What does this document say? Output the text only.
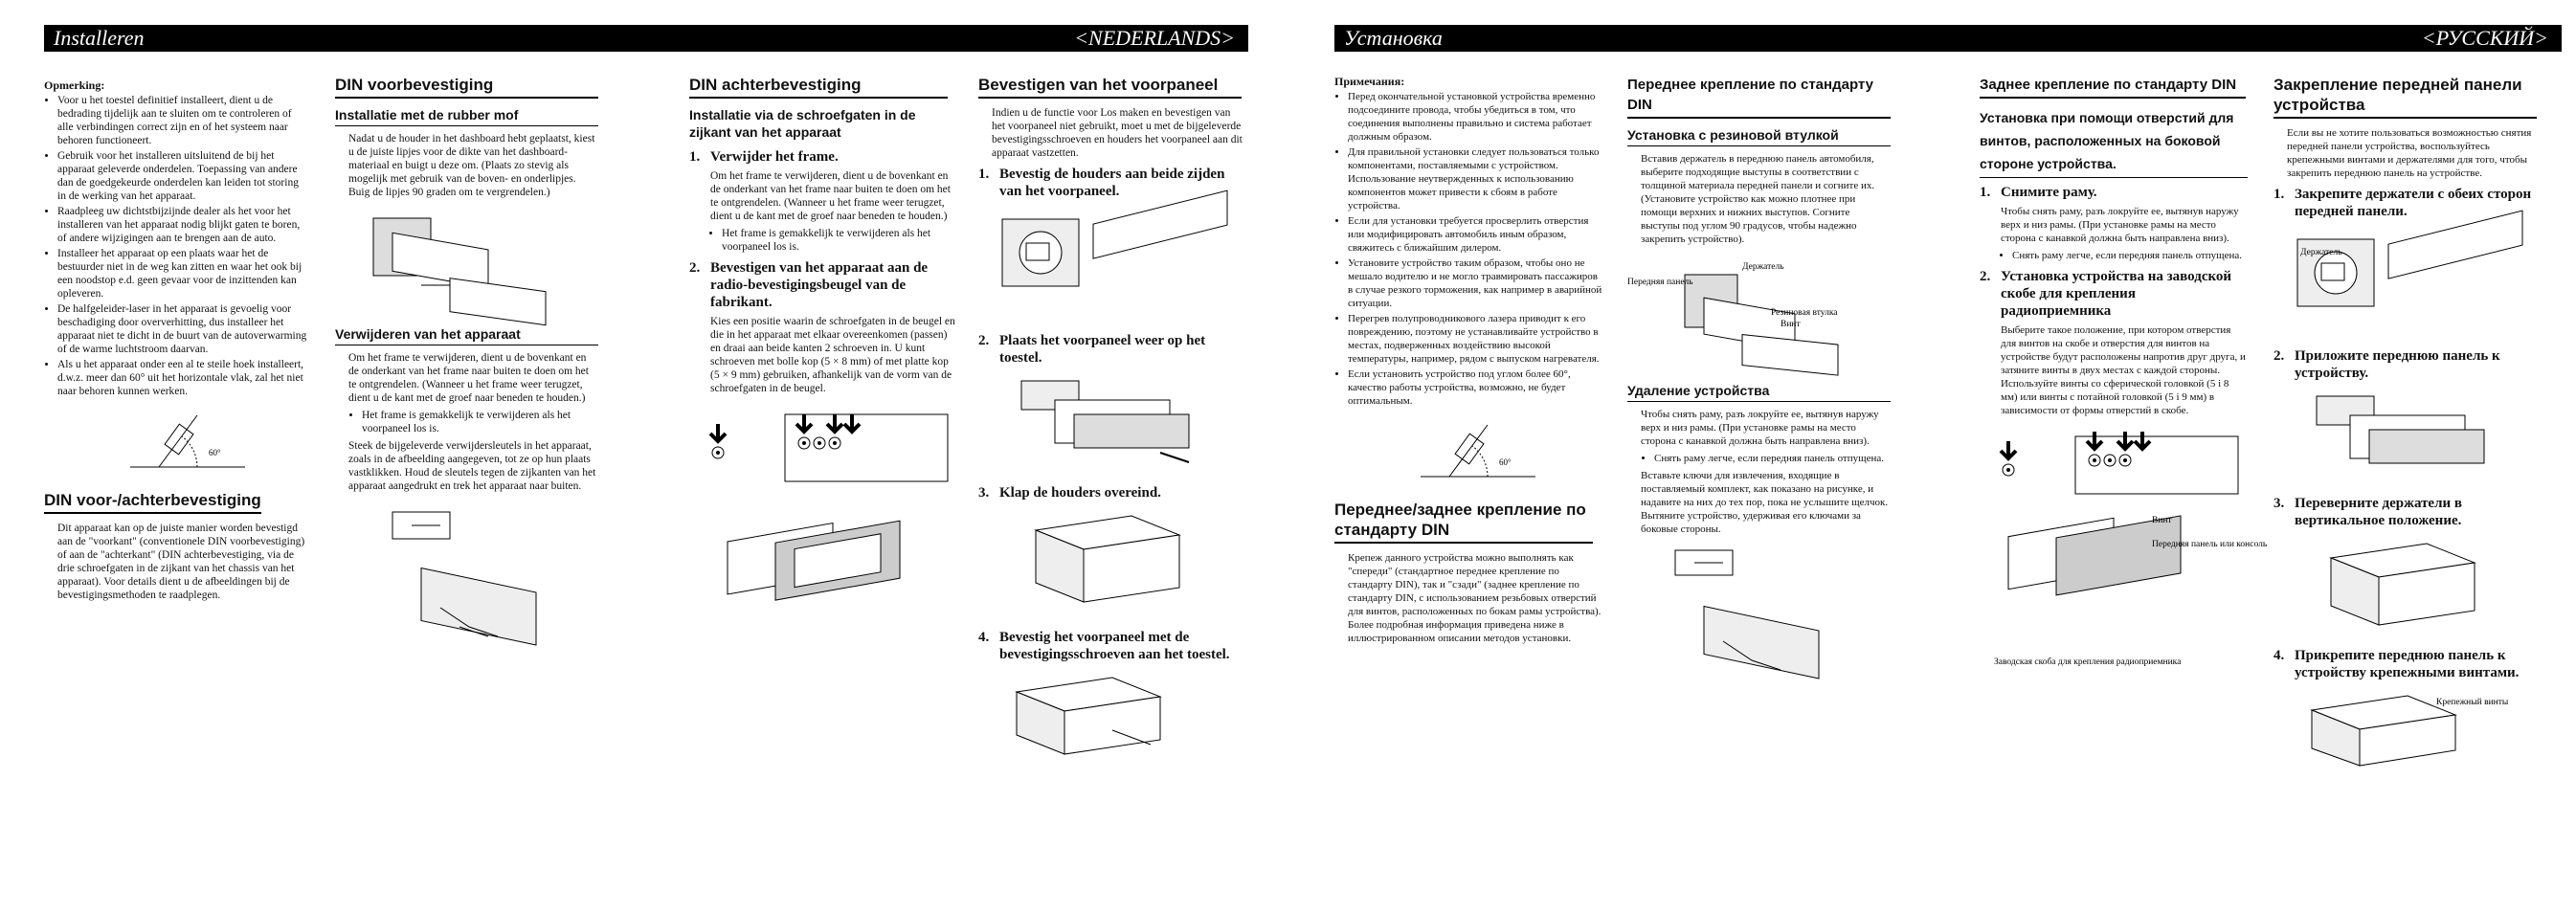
Installeren	<NEDERLANDS>
Opmerking:
• Voor u het toestel definitief installeert, dient u de bedrading tijdelijk aan te sluiten om te controleren of alle verbindingen correct zijn en of het systeem naar behoren functioneert.
• Gebruik voor het installeren uitsluitend de bij het apparaat geleverde onderdelen. Toepassing van andere dan de goedgekeurde onderdelen kan leiden tot storing in de werking van het apparaat.
• Raadpleeg uw dichtstbijzijnde dealer als het voor het installeren van het apparaat nodig blijkt gaten te boren, of andere wijzigingen aan te brengen aan de auto.
• Installeer het apparaat op een plaats waar het de bestuurder niet in de weg kan zitten en waar het ook bij een noodstop e.d. geen gevaar voor de inzittenden kan opleveren.
• De halfgeleider-laser in het apparaat is gevoelig voor beschadiging door oververhitting, dus installeer het apparaat niet te dicht in de buurt van de autoverwarming of de warme luchtstroom daarvan.
• Als u het apparaat onder een al te steile hoek installeert, d.w.z. meer dan 60° uit het horizontale vlak, zal het niet naar behoren kunnen werken.
60°
DIN voor-/achterbevestiging

Dit apparaat kan op de juiste manier worden bevestigd aan de "voorkant" (conventionele DIN voorbevestiging) of aan de "achterkant" (DIN achterbevestiging, via de drie schroefgaten in de zijkant van het chassis van het apparaat). Voor details dient u de afbeeldingen bij de bevestigingsmethoden te raadplegen.

DIN voorbevestiging
Installatie met de rubber mof

Nadat u de houder in het dashboard hebt geplaatst, kiest u de juiste lipjes voor de dikte van het dashboard-materiaal en buigt u deze om. (Plaats zo stevig als mogelijk met gebruik van de boven- en onderlipjes. Buig de lipjes 90 graden om te vergrendelen.)

Verwijderen van het apparaat

Om het frame te verwijderen, dient u de bovenkant en de onderkant van het frame naar buiten te doen om het te ontgrendelen. (Wanneer u het frame weer terugzet, dient u de kant met de groef naar beneden te houden.)

• Het frame is gemakkelijk te verwijderen als het voorpaneel los is.

Steek de bijgeleverde verwijdersleutels in het apparaat, zoals in de afbeelding aangegeven, tot ze op hun plaats vastklikken. Houd de sleutels tegen de zijkanten van het apparaat aangedrukt en trek het apparaat naar buiten.

DIN achterbevestiging
Installatie via de schroefgaten in de zijkant van het apparaat
1. Verwijder het frame.

Om het frame te verwijderen, dient u de bovenkant en de onderkant van het frame naar buiten te doen om het te ontgrendelen. (Wanneer u het frame weer terugzet, dient u de kant met de groef naar beneden te houden.)

• Het frame is gemakkelijk te verwijderen als het voorpaneel los is.
2. Bevestigen van het apparaat aan de radio-bevestigingsbeugel van de fabrikant.

Kies een positie waarin de schroefgaten in de beugel en die in het apparaat met elkaar overeenkomen (passen) en draai aan beide kanten 2 schroeven in. U kunt schroeven met bolle kop (5 × 8 mm) of met platte kop (5 × 9 mm) gebruiken, afhankelijk van de vorm van de schroefgaten in de beugel.

Bevestigen van het voorpaneel

Indien u de functie voor Los maken en bevestigen van het voorpaneel niet gebruikt, moet u met de bijgeleverde bevestigingsschroeven en houders het voorpaneel aan dit apparaat vastzetten.

1. Bevestig de houders aan beide zijden van het voorpaneel.
2. Plaats het voorpaneel weer op het toestel.
3. Klap de houders overeind.
4. Bevestig het voorpaneel met de bevestigingsschroeven aan het toestel.
Установка	<РУССКИЙ>
Примечания:
• Перед окончательной установкой устройства временно подсоедините провода, чтобы убедиться в том, что соединения выполнены правильно и система работает должным образом.
• Для правильной установки следует пользоваться только компонентами, поставляемыми с устройством. Использование неутвержденных к использованию компонентов может привести к сбоям в работе устройства.
• Если для установки требуется просверлить отверстия или модифицировать автомобиль иным образом, свяжитесь с ближайшим дилером.
• Установите устройство таким образом, чтобы оно не мешало водителю и не могло травмировать пассажиров в случае резкого торможения, как например в аварийной ситуации.
• Перегрев полупроводникового лазера приводит к его повреждению, поэтому не устанавливайте устройство в местах, подверженных воздействию высокой температуры, например, рядом с выпуском нагревателя.
• Если установить устройство под углом более 60°, качество работы устройства, возможно, не будет оптимальным.
60°
Переднее/заднее крепление по стандарту DIN

Крепеж данного устройства можно выполнять как "спереди" (стандартное переднее крепление по стандарту DIN), так и "сзади" (заднее крепление по стандарту DIN, с использованием резьбовых отверстий для винтов, расположенных по бокам рамы устройства). Более подробная информация приведена ниже в иллюстрированном описании методов установки.

Переднее крепление по стандарту DIN
Установка с резиновой втулкой

Вставив держатель в переднюю панель автомобиля, выберите подходящие выступы в соответствии с толщиной материала передней панели и согните их. (Установите устройство как можно плотнее при помощи верхних и нижних выступов. Согните выступы под углом 90 градусов, чтобы надежно закрепить устройство).

Передняя панель
Держатель
Резиновая втулка
Винт
Удаление устройства

Чтобы снять раму, разъ локруйте ее, вытянув наружу верх и низ рамы. (При установке рамы на место сторона с канавкой должна быть направлена вниз).

• Снять раму легче, если передняя панель отпущена.

Вставьте ключи для извлечения, входящие в поставляемый комплект, как показано на рисунке, и надавите на них до тех пор, пока не услышите щелчок. Вытяните устройство, удерживая его ключами за боковые стороны.

Заднее крепление по стандарту DIN
Установка при помощи отверстий для винтов, расположенных на боковой стороне устройства.
1. Снимите раму.

Чтобы снять раму, разъ локруйте ее, вытянув наружу верх и низ рамы. (При установке рамы на место сторона с канавкой должна быть направлена вниз).

• Снять раму легче, если передняя панель отпущена.
2. Установка устройства на заводской скобе для крепления радиоприемника

Выберите такое положение, при котором отверстия для винтов на скобе и отверстия для винтов на устройстве будут расположены напротив друг друга, и затяните винты в двух местах с каждой стороны. Используйте винты со сферической головкой (5 i 8 мм) или винты с потайной головкой (5 i 9 мм) в зависимости от формы отверстий в скобе.

Винт
Передняя панель или консоль
Заводская скоба для крепления радиоприемника
Закрепление передней панели устройства

Если вы не хотите пользоваться возможностью снятия передней панели устройства, воспользуйтесь крепежными винтами и держателями для того, чтобы закрепить переднюю панель на устройстве.

1. Закрепите держатели с обеих сторон передней панели.
Держатель
2. Приложите переднюю панель к устройству.
3. Переверните держатели в вертикальное положение.
4. Прикрепите переднюю панель к устройству крепежными винтами.
Крепежный винты
